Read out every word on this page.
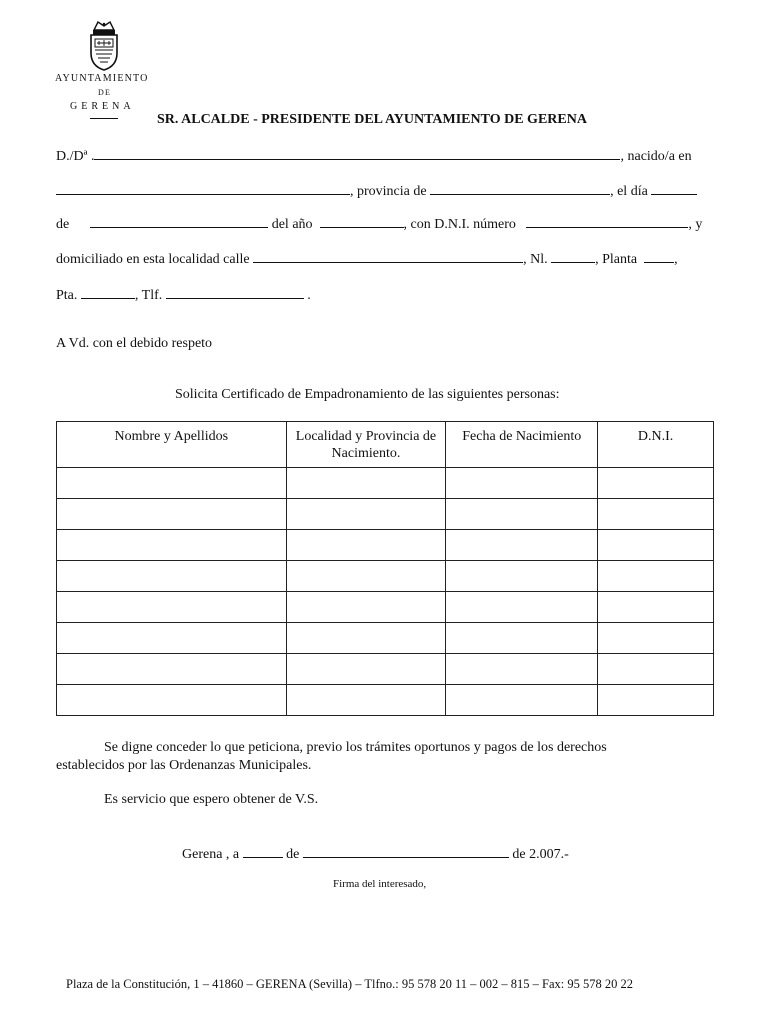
AYUNTAMIENTO
DE
GERENA
SR. ALCALDE - PRESIDENTE DEL AYUNTAMIENTO DE GERENA
D./Dª .	, nacido/a en
, provincia de	, el día
de	del año	, con D.N.I. número	, y
domiciliado en esta localidad calle	, Nl.	, Planta	,
Pta.	, Tlf.	.
A Vd. con el debido respeto
Solicita Certificado de Empadronamiento de las siguientes personas:
Nombre y Apellidos	Localidad y Provincia de Nacimiento.	Fecha de Nacimiento	D.N.I.

Se digne conceder lo que peticiona, previo los trámites oportunos y pagos de los derechos
establecidos por las Ordenanzas Municipales.
Es servicio que espero obtener de V.S.
Gerena , a	de	de 2.007.-
Firma del interesado,
Plaza de la Constitución, 1 – 41860 – GERENA (Sevilla) – Tlfno.: 95 578 20 11 – 002 – 815 – Fax: 95 578 20 22
